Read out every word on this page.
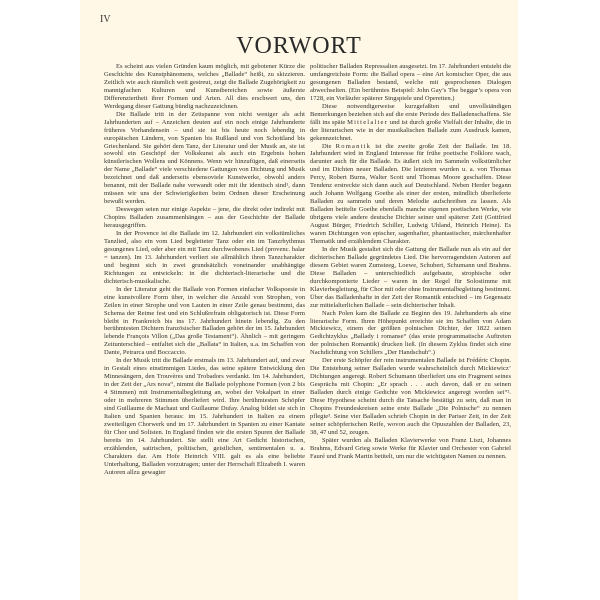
IV
VORWORT

Es scheint aus vielen Gründen kaum möglich, mit gebotener Kürze die Geschichte des Kunstphänomens, welches „Ballade“ heißt, zu skizzieren. Zeitlich wie auch räumlich weit gestreut, zeigt die Ballade Zugehörigkeit zu mannigfachen Kulturen und Kunstbereichen sowie äußerste Differenziertheit ihrer Formen und Arten. All dies erschwert uns, den Werdegang dieser Gattung bündig nachzuzeichnen.

Die Ballade tritt in der Zeitspanne von nicht weniger als acht Jahrhunderten auf – Anzeichen deuten auf ein noch einige Jahrhunderte früheres Vorhandensein – und sie ist bis heute noch lebendig in europäischen Ländern, von Spanien bis Rußland und von Schottland bis Griechenland. Sie gehört dem Tanz, der Literatur und der Musik an, sie ist sowohl ein Geschöpf der Volkskunst als auch ein Ergebnis hohen künstlerischen Wollens und Könnens. Wenn wir hinzufügen, daß einerseits der Name „Ballade“ viele verschiedene Gattungen von Dichtung und Musik bezeichnet und daß anderseits ebensoviele Kunstwerke, obwohl anders benannt, mit der Ballade nahe verwandt oder mit ihr identisch sind¹, dann müssen wir uns der Schwierigkeiten beim Ordnen dieser Erscheinung bewußt werden.

Deswegen seien nur einige Aspekte – jene, die direkt oder indirekt mit Chopins Balladen zusammenhängen – aus der Geschichte der Ballade herausgegriffen.

In der Provence ist die Ballade im 12. Jahrhundert ein volkstümliches Tanzlied, also ein vom Lied begleiteter Tanz oder ein im Tanzrhythmus gesungenes Lied, oder aber ein mit Tanz durchwobenes Lied (provenc. balar = tanzen). Im 13. Jahrhundert verliert sie allmählich ihren Tanzcharakter und beginnt sich in zwei grundsätzlich voneinander unabhängige Richtungen zu entwickeln: in die dichterisch-literarische und die dichterisch-musikalische.

In der Literatur geht die Ballade von Formen einfacher Volkspoesie in eine kunstvollere Form über, in welcher die Anzahl von Strophen, von Zeilen in einer Strophe und von Lauten in einer Zeile genau bestimmt, das Schema der Reime fest und ein Schlußrefrain obligatorisch ist. Diese Form bleibt in Frankreich bis ins 17. Jahrhundert hinein lebendig. Zu den berühmtesten Dichtern französischer Balladen gehört der im 15. Jahrhundert lebende François Villon („Das große Testament“). Ähnlich – mit geringem Zeitunterschied – entfaltet sich die „Ballata“ in Italien, u.a. im Schaffen von Dante, Petrarca und Boccaccio.

In der Musik tritt die Ballade erstmals im 13. Jahrhundert auf, und zwar in Gestalt eines einstimmigen Liedes, das seine spätere Entwicklung den Minnesängern, den Trouvères und Trobadors verdankt. Im 14. Jahrhundert, in der Zeit der „Ars nova“, nimmt die Ballade polyphone Formen (von 2 bis 4 Stimmen) mit Instrumentalbegleitung an, wobei der Vokalpart in einer oder in mehreren Stimmen überliefert wird. Ihre berühmtesten Schöpfer sind Guillaume de Machaut und Guillaume Dufay. Analog bildet sie sich in Italien und Spanien heraus: im 15. Jahrhundert in Italien zu einem zweiteiligen Chorwerk und im 17. Jahrhundert in Spanien zu einer Kantate für Chor und Solisten. In England finden wir die ersten Spuren der Ballade bereits im 14. Jahrhundert. Sie stellt eine Art Gedicht historischen, erzählenden, satirischen, politischen, geistlichen, sentimentalen u. a. Charakters dar. Am Hofe Heinrich VIII. galt es als eine beliebte Unterhaltung, Balladen vorzutragen; unter der Herrschaft Elizabeth I. waren Autoren allzu gewagter

politischer Balladen Repressalien ausgesetzt. Im 17. Jahrhundert entsteht die umfangreichste Form: die Ballad opera – eine Art komischer Oper, die aus gesungenen Balladen bestand, welche mit gesprochenen Dialogen abwechselten. (Ein berühmtes Beispiel: John Gay’s The beggar’s opera von 1728, ein Vorläufer späterer Singspiele und Operetten.)

Diese notwendigerweise kurzgefaßten und unvollständigen Bemerkungen beziehen sich auf die erste Periode des Balladenschaffens. Sie fällt ins späte Mittelalter und ist durch große Vielfalt der Inhalte, die in der literarischen wie in der musikalischen Ballade zum Ausdruck kamen, gekennzeichnet.

Die Romantik ist die zweite große Zeit der Ballade. Im 18. Jahrhundert wird in England Interesse für frühe poetische Folklore wach, darunter auch für die Ballade. Es äußert sich im Sammeln volkstümlicher und im Dichten neuer Balladen. Die letzteren wurden u. a. von Thomas Percy, Robert Burns, Walter Scott und Thomas Moore geschaffen. Diese Tendenz erstreckte sich dann auch auf Deutschland. Neben Herder begann auch Johann Wolfgang Goethe als einer der ersten, mündlich überlieferte Balladen zu sammeln und deren Melodie aufschreiben zu lassen. Als Balladen betitelte Goethe ebenfalls manche eigenen poetischen Werke, wie übrigens viele andere deutsche Dichter seiner und späterer Zeit (Gottfried August Bürger, Friedrich Schiller, Ludwig Uhland, Heinrich Heine). Es waren Dichtungen von epischer, sagenhafter, phantastischer, märchenhafter Thematik und erzählendem Charakter.

In der Musik gestaltet sich die Gattung der Ballade nun als ein auf der dichterischen Ballade gegründetes Lied. Die hervorragendsten Autoren auf diesem Gebiet waren Zumsteeg, Loewe, Schubert, Schumann und Brahms. Diese Balladen – unterschiedlich aufgebaute, strophische oder durchkomponierte Lieder – waren in der Regel für Solostimme mit Klavierbegleitung, für Chor mit oder ohne Instrumentalbegleitung bestimmt. Über das Balladenhafte in der Zeit der Romantik entschied – im Gegensatz zur mittelalterlichen Ballade – sein dichterischer Inhalt.

Nach Polen kam die Ballade zu Beginn des 19. Jahrhunderts als eine literarische Form. Ihren Höhepunkt erreichte sie im Schaffen von Adam Mickiewicz, einem der größten polnischen Dichter, der 1822 seinen Gedichtzyklus „Ballady i romanse“ (das erste programmatische Auftreten der polnischen Romantik) drucken ließ. (In diesem Zyklus findet sich eine Nachdichtung von Schillers „Der Handschuh“.)

Der erste Schöpfer der rein instrumentalen Ballade ist Frédéric Chopin. Die Entstehung seiner Balladen wurde wahrscheinlich durch Mickiewicz’ Dichtungen angeregt. Robert Schumann überliefert uns ein Fragment seines Gesprächs mit Chopin: „Er sprach . . . auch davon, daß er zu seinen Balladen durch einige Gedichte von Mickiewicz angeregt worden sei“². Diese Hypothese scheint durch die Tatsache bestätigt zu sein, daß man in Chopins Freundeskreisen seine erste Ballade „Die Polnische“ zu nennen pflegte³. Seine vier Balladen schrieb Chopin in der Pariser Zeit, in der Zeit seiner schöpferischen Reife, wovon auch die Opuszahlen der Balladen, 23, 38, 47 und 52, zeugen.

Später wurden als Balladen Klavierwerke von Franz Liszt, Johannes Brahms, Edvard Grieg sowie Werke für Klavier und Orchester von Gabriel Fauré und Frank Martin betitelt, um nur die wichtigsten Namen zu nennen.
